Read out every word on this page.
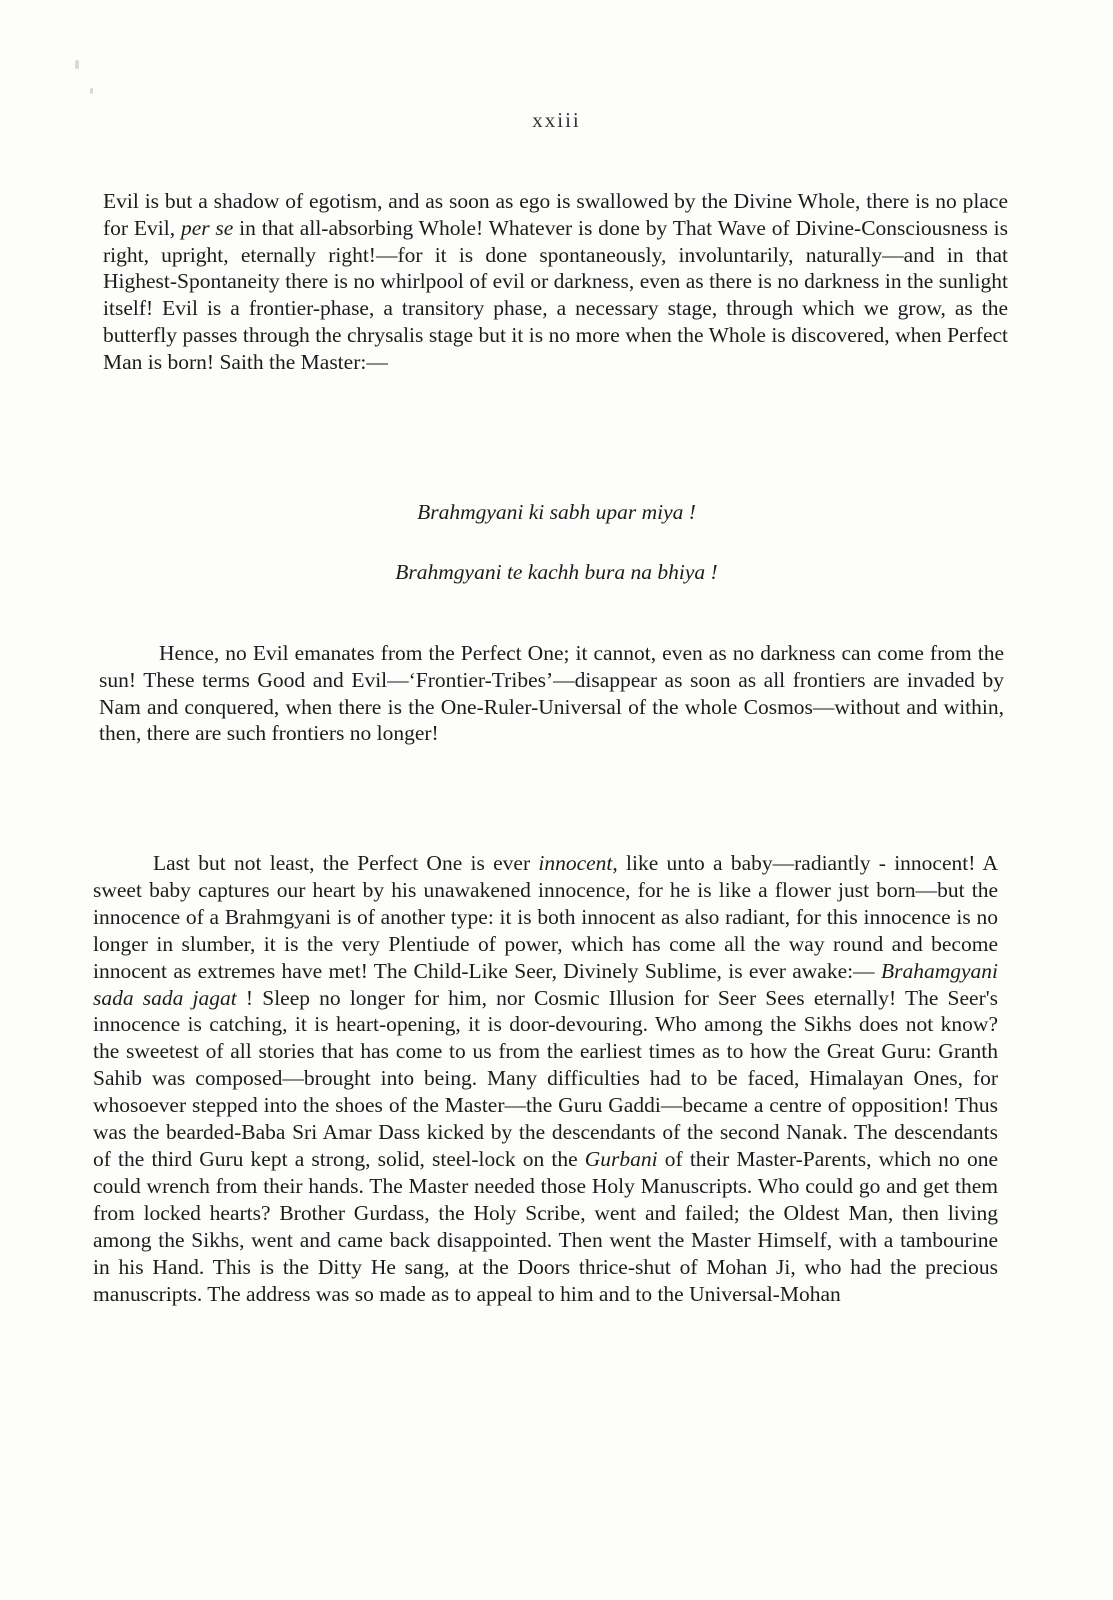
xxiii

Evil is but a shadow of egotism, and as soon as ego is swallowed by the Divine Whole, there is no place for Evil, per se in that all-absorbing Whole! Whatever is done by That Wave of Divine-Consciousness is right, upright, eternally right!—for it is done spontaneously, involuntarily, naturally—and in that Highest-Spontaneity there is no whirlpool of evil or darkness, even as there is no darkness in the sunlight itself! Evil is a frontier-phase, a transitory phase, a necessary stage, through which we grow, as the butterfly passes through the chrysalis stage but it is no more when the Whole is discovered, when Perfect Man is born! Saith the Master:—

Brahmgyani ki sabh upar miya !
Brahmgyani te kachh bura na bhiya !

Hence, no Evil emanates from the Perfect One; it cannot, even as no darkness can come from the sun! These terms Good and Evil—‘Frontier-Tribes’—disappear as soon as all frontiers are invaded by Nam and conquered, when there is the One-Ruler-Universal of the whole Cosmos—without and within, then, there are such frontiers no longer!

Last but not least, the Perfect One is ever innocent, like unto a baby—radiantly - innocent! A sweet baby captures our heart by his unawakened innocence, for he is like a flower just born—but the innocence of a Brahmgyani is of another type: it is both innocent as also radiant, for this innocence is no longer in slumber, it is the very Plentiude of power, which has come all the way round and become innocent as extremes have met! The Child-Like Seer, Divinely Sublime, is ever awake:— Brahamgyani sada sada jagat ! Sleep no longer for him, nor Cosmic Illusion for Seer Sees eternally! The Seer's innocence is catching, it is heart-opening, it is door-devouring. Who among the Sikhs does not know? the sweetest of all stories that has come to us from the earliest times as to how the Great Guru: Granth Sahib was composed—brought into being. Many difficulties had to be faced, Himalayan Ones, for whosoever stepped into the shoes of the Master—the Guru Gaddi—became a centre of opposition! Thus was the bearded-Baba Sri Amar Dass kicked by the descendants of the second Nanak. The descendants of the third Guru kept a strong, solid, steel-lock on the Gurbani of their Master-Parents, which no one could wrench from their hands. The Master needed those Holy Manuscripts. Who could go and get them from locked hearts? Brother Gurdass, the Holy Scribe, went and failed; the Oldest Man, then living among the Sikhs, went and came back disappointed. Then went the Master Himself, with a tambourine in his Hand. This is the Ditty He sang, at the Doors thrice-shut of Mohan Ji, who had the precious manuscripts. The address was so made as to appeal to him and to the Universal-Mohan
